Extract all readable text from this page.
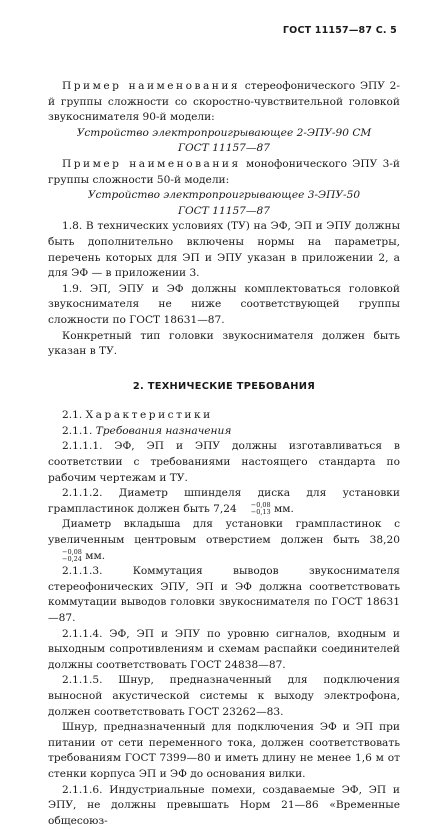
ГОСТ 11157—87 С. 5

Пример наименования стереофонического ЭПУ 2-й группы сложности со скоростно-чувствительной головкой звукоснимателя 90-й модели:

Устройство электропроигрывающее 2-ЭПУ-90 СМ

ГОСТ 11157—87

Пример наименования монофонического ЭПУ 3-й группы сложности 50-й модели:

Устройство электропроигрывающее 3-ЭПУ-50

ГОСТ 11157—87

1.8. В технических условиях (ТУ) на ЭФ, ЭП и ЭПУ должны быть дополнительно включены нормы на параметры, перечень которых для ЭП и ЭПУ указан в приложении 2, а для ЭФ — в приложении 3.

1.9. ЭП, ЭПУ и ЭФ должны комплектоваться головкой звукоснимателя не ниже соответствующей группы сложности по ГОСТ 18631—87.

Конкретный тип головки звукоснимателя должен быть указан в ТУ.

2. ТЕХНИЧЕСКИЕ ТРЕБОВАНИЯ

2.1. Характеристики

2.1.1. Требования назначения

2.1.1.1. ЭФ, ЭП и ЭПУ должны изготавливаться в соответствии с требованиями настоящего стандарта по рабочим чертежам и ТУ.

2.1.1.2. Диаметр шпинделя диска для установки грампластинок должен быть 7,24	−0,08
−0,13 мм.

Диаметр вкладыша для установки грампластинок с увеличенным центровым отверстием должен быть 38,20
−0,08
−0,24 мм.

2.1.1.3. Коммутация выводов звукоснимателя стереофонических ЭПУ, ЭП и ЭФ должна соответствовать коммутации выводов головки звукоснимателя по ГОСТ 18631—87.

2.1.1.4. ЭФ, ЭП и ЭПУ по уровню сигналов, входным и выходным сопротивлениям и схемам распайки соединителей должны соответствовать ГОСТ 24838—87.

2.1.1.5. Шнур, предназначенный для подключения выносной акустической системы к выходу электрофона, должен соответствовать ГОСТ 23262—83.

Шнур, предназначенный для подключения ЭФ и ЭП при питании от сети переменного тока, должен соответствовать требованиям ГОСТ 7399—80 и иметь длину не менее 1,6 м от стенки корпуса ЭП и ЭФ до основания вилки.

2.1.1.6. Индустриальные помехи, создаваемые ЭФ, ЭП и ЭПУ, не должны превышать Норм 21—86 «Временные общесоюз-
